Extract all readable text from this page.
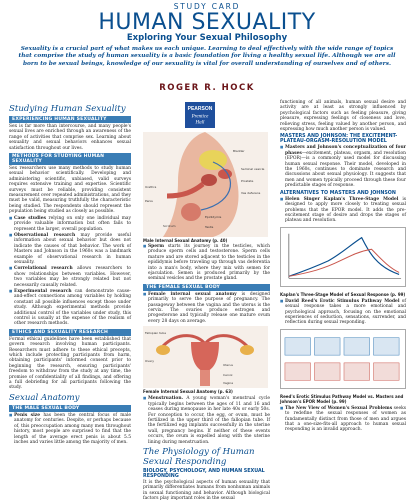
STUDY CARD
HUMAN SEXUALITY
Exploring Your Sexual Philosophy
Sexuality is a crucial part of what makes us each unique. Learning to deal effectively with the wide range of topics that comprise the study of human sexuality is a basic foundation for living a healthy sexual life. Although we are all born to be sexual beings, knowledge of our sexuality is vital for overall understanding of ourselves and of others.
ROGER R. HOCK
Studying Human Sexuality
EXPERIENCING HUMAN SEXUALITY
Sex is far more than intercourse, and many people's sexual lives are enriched through an awareness of the range of activities that comprise sex. Learning about sexuality and sexual behaviors enhances sexual satisfaction throughout our lives.
METHODS FOR STUDYING HUMAN SEXUALITY
Sex researchers use many methods to study human sexual behavior scientifically. Developing and administering scientific, unbiased, valid surveys requires extensive training and expertise. Scientific surveys must be reliable, providing consistent measurement over repeated administrations, and they must be valid, measuring truthfully the characteristic being studied. The respondents should represent the population being studied as closely as possible.
■ Case studies relying on only one individual may provide valuable information but often fails to represent the larger, overall population.
■ Observational research may provide useful information about sexual behavior but does not indicate the causes of that behavior. The work of Masters and Johnson in the 1960s was a landmark example of observational research in human sexuality.
■ Correlational research allows researchers to show relationships between variables. However, two variables may be strongly related but not necessarily causally related.
■ Experimental research can demonstrate cause-and-effect connections among variables by holding constant all possible influences except those under study. Although experimental methods provide additional control of the variables under study, this control is usually at the expense of the realism of other research methods.
ETHICS AND SEXUALITY RESEARCH
Formal ethical guidelines have been established that govern research involving human participants. Researchers must adhere to these ethical precepts, which include protecting participants from harm, obtaining participants' informed consent prior to beginning the research, ensuring participants' freedom to withdraw from the study at any time, the promise of confidentiality of all findings, and offering a full debriefing for all participants following the study.
Sexual Anatomy
THE MALE SEXUAL BODY
■ Penis size has been the central focus of male anatomy for centuries. Despite, or perhaps because of, this preoccupation among many men throughout history, most people are surprised to find that the length of the average erect penis is about 5.5 inches and varies little among the majority of men.
PEARSON
Prentice
Hall
Bladder
Seminal vesicle
Prostate
Vas deferens
Urethra
Epididymis
Testis
Penis
Scrotum
Male Internal Sexual Anatomy (p. 40)
■ Sperm starts its journey in the testicles, which produce sperm cells and testosterone. Sperm cells mature and are stored adjacent to the testicles in the epididymis before traveling up through vas deferentia into a man's body, where they mix with semen for ejaculation. Semen is produced primarily by the seminal vesicles and the prostate gland.
THE FEMALE SEXUAL BODY
■ Female internal sexual anatomy is designed primarily to serve the purpose of pregnancy. The passageway between the vagina and the uterus is the cervix. The ovaries produce estrogen and progesterone and typically release one mature ovum every 28 days on average.
Fallopian tube
Ovary
Uterus
Cervix
Vagina
Female Internal Sexual Anatomy (p. 63)
■ Menstruation. A young woman's menstrual cycle typically begins between the ages of 11 and 16 and ceases during menopause in her late 40s or early 50s. For conception to occur, the egg, or ovum, must be fertilized in the upper third of the fallopian tube. If the fertilized egg implants successfully in the uterine wall, pregnancy begins. If neither of these events occurs, the ovum is expelled along with the uterine lining during menstruation.
The Physiology of Human Sexual Responding
BIOLOGY, PSYCHOLOGY, AND HUMAN SEXUAL RESPONDING
It is the psychological aspects of human sexuality that primarily differentiates humans from nonhuman animals in sexual functioning and behavior. Although biological factors play important roles in the sexual
functioning of all animals, human sexual desire and activity are at least as strongly influenced by psychological factors such as feeling pleasure, giving pleasure, expressing feelings of closeness and love, relieving stress, feeling valued by another person, and expressing how much another person is valued.
MASTERS AND JOHNSON: THE EXCITEMENT-PLATEAU-ORGASM-RESOLUTION MODEL
■ Masters and Johnson's conceptualization of four phases—excitement, plateau, orgasm, and resolution (EPOR)—is a commonly used model for discussing human sexual response. Their model, developed in the 1960s, continues to dominate research and discussions about sexual physiology. It suggests that men and women typically proceed through these four predictable stages of response.
ALTERNATIVES TO MASTERS AND JOHNSON
■ Helen Singer Kaplan's Three-Stage Model is designed to apply more closely to treating sexual problems that the EPOR model. It adds the pre-excitement stage of desire and drops the stages of plateau and resolution.
Kaplan's Three-Stage Model of Sexual Response (p. 99)
■ David Reed's Erotic Stimulus Pathway Model of sexual response takes a more emotional and psychological approach, focusing on the emotional experiences of seduction, sensations, surrender, and reflection during sexual responding.
Reed's Erotic Stimulus Pathway Model vs. Masters and Johnson's EPOR Model (p. 99)
■ The New View of Women's Sexual Problems seeks to redefine the sexual responses of women as fundamentally distinct from those of men and argues that a one-size-fits-all approach to human sexual responding is an invalid approach.
